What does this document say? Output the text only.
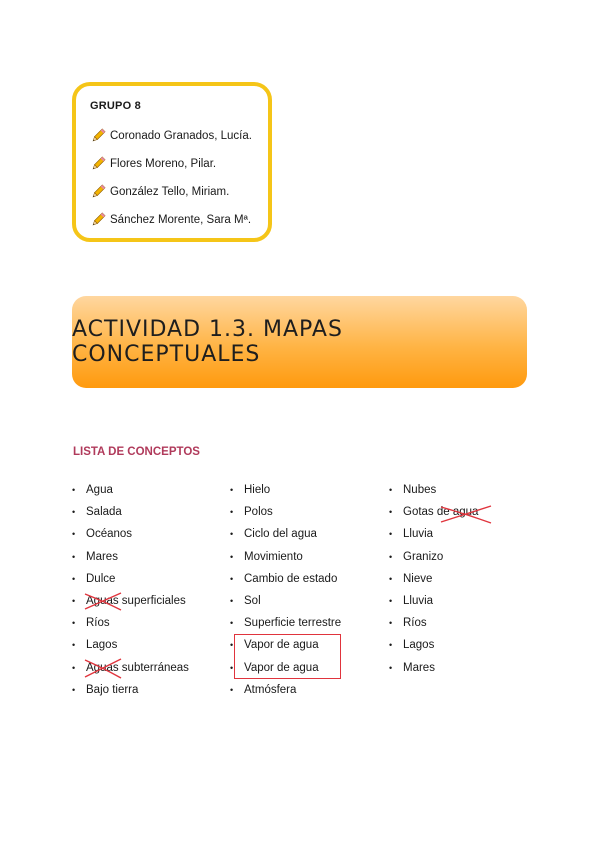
GRUPO 8
Coronado Granados, Lucía.
Flores Moreno, Pilar.
González Tello, Miriam.
Sánchez Morente, Sara Mª.
ACTIVIDAD 1.3. MAPAS CONCEPTUALES
LISTA DE CONCEPTOS
• Agua
• Salada
• Océanos
• Mares
• Dulce
• Aguas superficiales
• Ríos
• Lagos
• Aguas subterráneas
• Bajo tierra
• Hielo
• Polos
• Ciclo del agua
• Movimiento
• Cambio de estado
• Sol
• Superficie terrestre
• Vapor de agua
• Vapor de agua
• Atmósfera
• Nubes
• Gotas de agua
• Lluvia
• Granizo
• Nieve
• Lluvia
• Ríos
• Lagos
• Mares
